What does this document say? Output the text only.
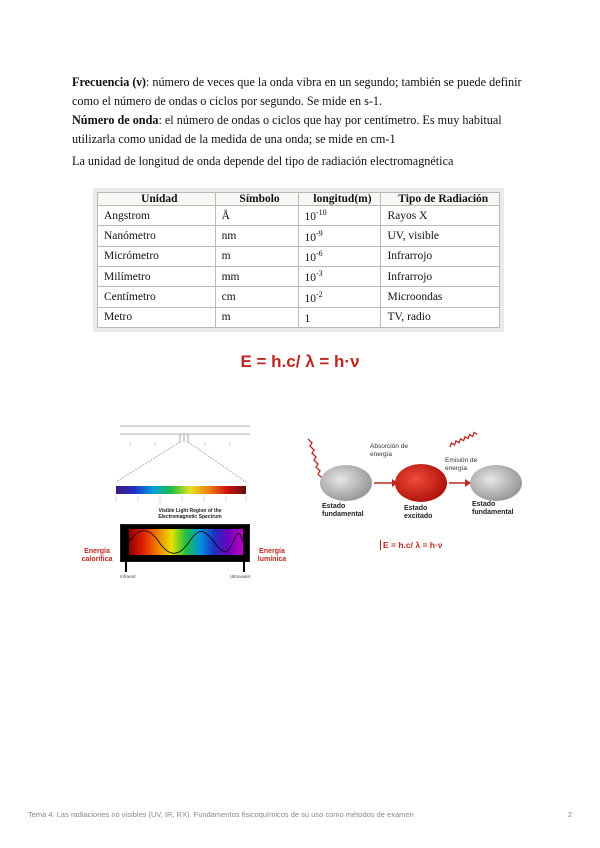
Frecuencia (ν): número de veces que la onda vibra en un segundo; también se puede definir como el número de ondas o ciclos por segundo. Se mide en s-1.
Número de onda: el número de ondas o ciclos que hay por centímetro. Es muy habitual utilizarla como unidad de la medida de una onda; se mide en cm-1
La unidad de longitud de onda depende del tipo de radiación electromagnética
Unidad	Símbolo	longitud(m)	Tipo de Radiación
Angstrom	Å	$10^{-10}$	Rayos X
Nanómetro	nm	$10^{-9}$	UV, visible
Micrómetro	m	$10^{-6}$	Infrarrojo
Milímetro	mm	$10^{-3}$	Infrarrojo
Centímetro	cm	$10^{-2}$	Microondas
Metro	m	1	TV, radio
E = h.c/ λ = h·ν
Visible Light Region of the Electromagnetic Spectrum
Energía calorífica
Energía lumínica
Infrared	Ultraviolet
Absorción de energía
Emisión de energía
Estado fundamental
Estado excitado
Estado fundamental
E = h.c/ λ = h·ν
Tema 4. Las radiaciones no visibles (UV, IR, RX). Fundamentos fisicoquímicos de su uso como métodos de examen	2
